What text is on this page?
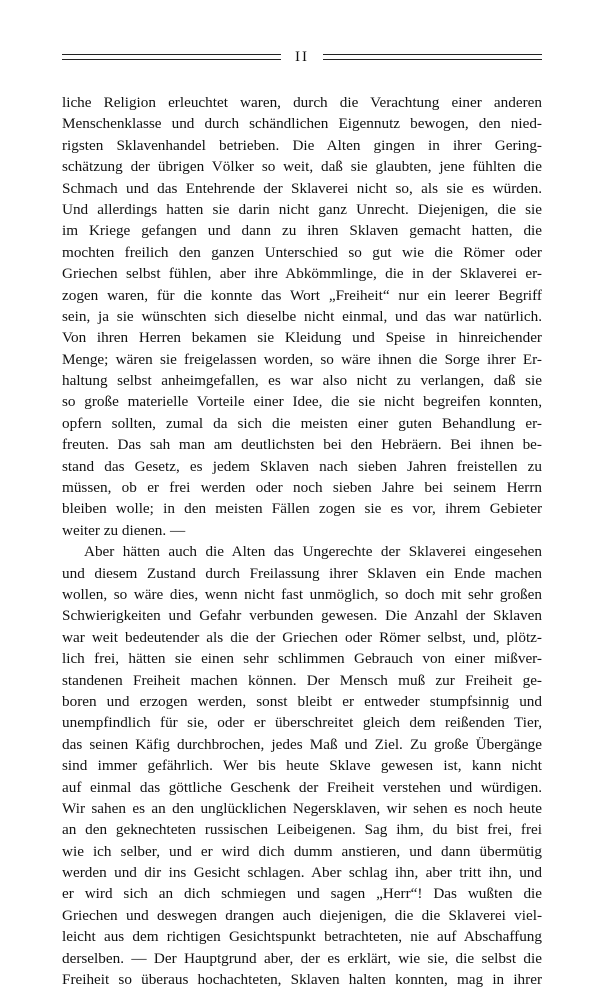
II
liche Religion erleuchtet waren, durch die Verachtung einer anderen
Menschenklasse und durch schändlichen Eigennutz bewogen, den nied-
rigsten Sklavenhandel betrieben. Die Alten gingen in ihrer Gering-
schätzung der übrigen Völker so weit, daß sie glaubten, jene fühlten die
Schmach und das Entehrende der Sklaverei nicht so, als sie es würden.
Und allerdings hatten sie darin nicht ganz Unrecht. Diejenigen, die sie
im Kriege gefangen und dann zu ihren Sklaven gemacht hatten, die
mochten freilich den ganzen Unterschied so gut wie die Römer oder
Griechen selbst fühlen, aber ihre Abkömmlinge, die in der Sklaverei er-
zogen waren, für die konnte das Wort „Freiheit“ nur ein leerer Begriff
sein, ja sie wünschten sich dieselbe nicht einmal, und das war natürlich.
Von ihren Herren bekamen sie Kleidung und Speise in hinreichender
Menge; wären sie freigelassen worden, so wäre ihnen die Sorge ihrer Er-
haltung selbst anheimgefallen, es war also nicht zu verlangen, daß sie
so große materielle Vorteile einer Idee, die sie nicht begreifen konnten,
opfern sollten, zumal da sich die meisten einer guten Behandlung er-
freuten. Das sah man am deutlichsten bei den Hebräern. Bei ihnen be-
stand das Gesetz, es jedem Sklaven nach sieben Jahren freistellen zu
müssen, ob er frei werden oder noch sieben Jahre bei seinem Herrn
bleiben wolle; in den meisten Fällen zogen sie es vor, ihrem Gebieter
weiter zu dienen. —
Aber hätten auch die Alten das Ungerechte der Sklaverei eingesehen
und diesem Zustand durch Freilassung ihrer Sklaven ein Ende machen
wollen, so wäre dies, wenn nicht fast unmöglich, so doch mit sehr großen
Schwierigkeiten und Gefahr verbunden gewesen. Die Anzahl der Sklaven
war weit bedeutender als die der Griechen oder Römer selbst, und, plötz-
lich frei, hätten sie einen sehr schlimmen Gebrauch von einer mißver-
standenen Freiheit machen können. Der Mensch muß zur Freiheit ge-
boren und erzogen werden, sonst bleibt er entweder stumpfsinnig und
unempfindlich für sie, oder er überschreitet gleich dem reißenden Tier,
das seinen Käfig durchbrochen, jedes Maß und Ziel. Zu große Übergänge
sind immer gefährlich. Wer bis heute Sklave gewesen ist, kann nicht
auf einmal das göttliche Geschenk der Freiheit verstehen und würdigen.
Wir sahen es an den unglücklichen Negersklaven, wir sehen es noch heute
an den geknechteten russischen Leibeigenen. Sag ihm, du bist frei, frei
wie ich selber, und er wird dich dumm anstieren, und dann übermütig
werden und dir ins Gesicht schlagen. Aber schlag ihn, aber tritt ihn, und
er wird sich an dich schmiegen und sagen „Herr“! Das wußten die
Griechen und deswegen drangen auch diejenigen, die die Sklaverei viel-
leicht aus dem richtigen Gesichtspunkt betrachteten, nie auf Abschaffung
derselben. — Der Hauptgrund aber, der es erklärt, wie sie, die selbst die
Freiheit so überaus hochachteten, Sklaven halten konnten, mag in ihrer
